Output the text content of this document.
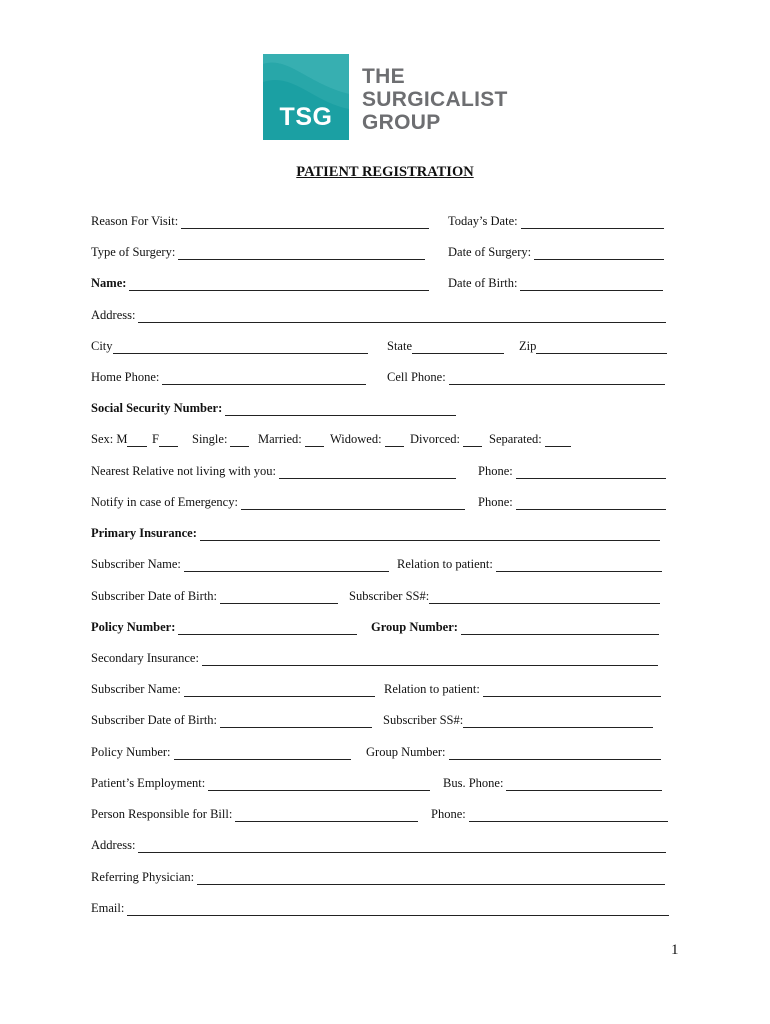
TSG
THE
SURGICALIST
GROUP
PATIENT REGISTRATION
Reason For Visit:	Today’s Date:
Type of Surgery:	Date of Surgery:
Name:	Date of Birth:
Address:
City	State	Zip
Home Phone:	Cell Phone:
Social Security Number:
Sex: M F	Single: Married: Widowed: Divorced: Separated:
Nearest Relative not living with you:	Phone:
Notify in case of Emergency:	Phone:
Primary Insurance:
Subscriber Name:	Relation to patient:
Subscriber Date of Birth:	Subscriber SS#:
Policy Number:	Group Number:
Secondary Insurance:
Subscriber Name:	Relation to patient:
Subscriber Date of Birth:	Subscriber SS#:
Policy Number:	Group Number:
Patient’s Employment:	Bus. Phone:
Person Responsible for Bill:	Phone:
Address:
Referring Physician:
Email:
1
